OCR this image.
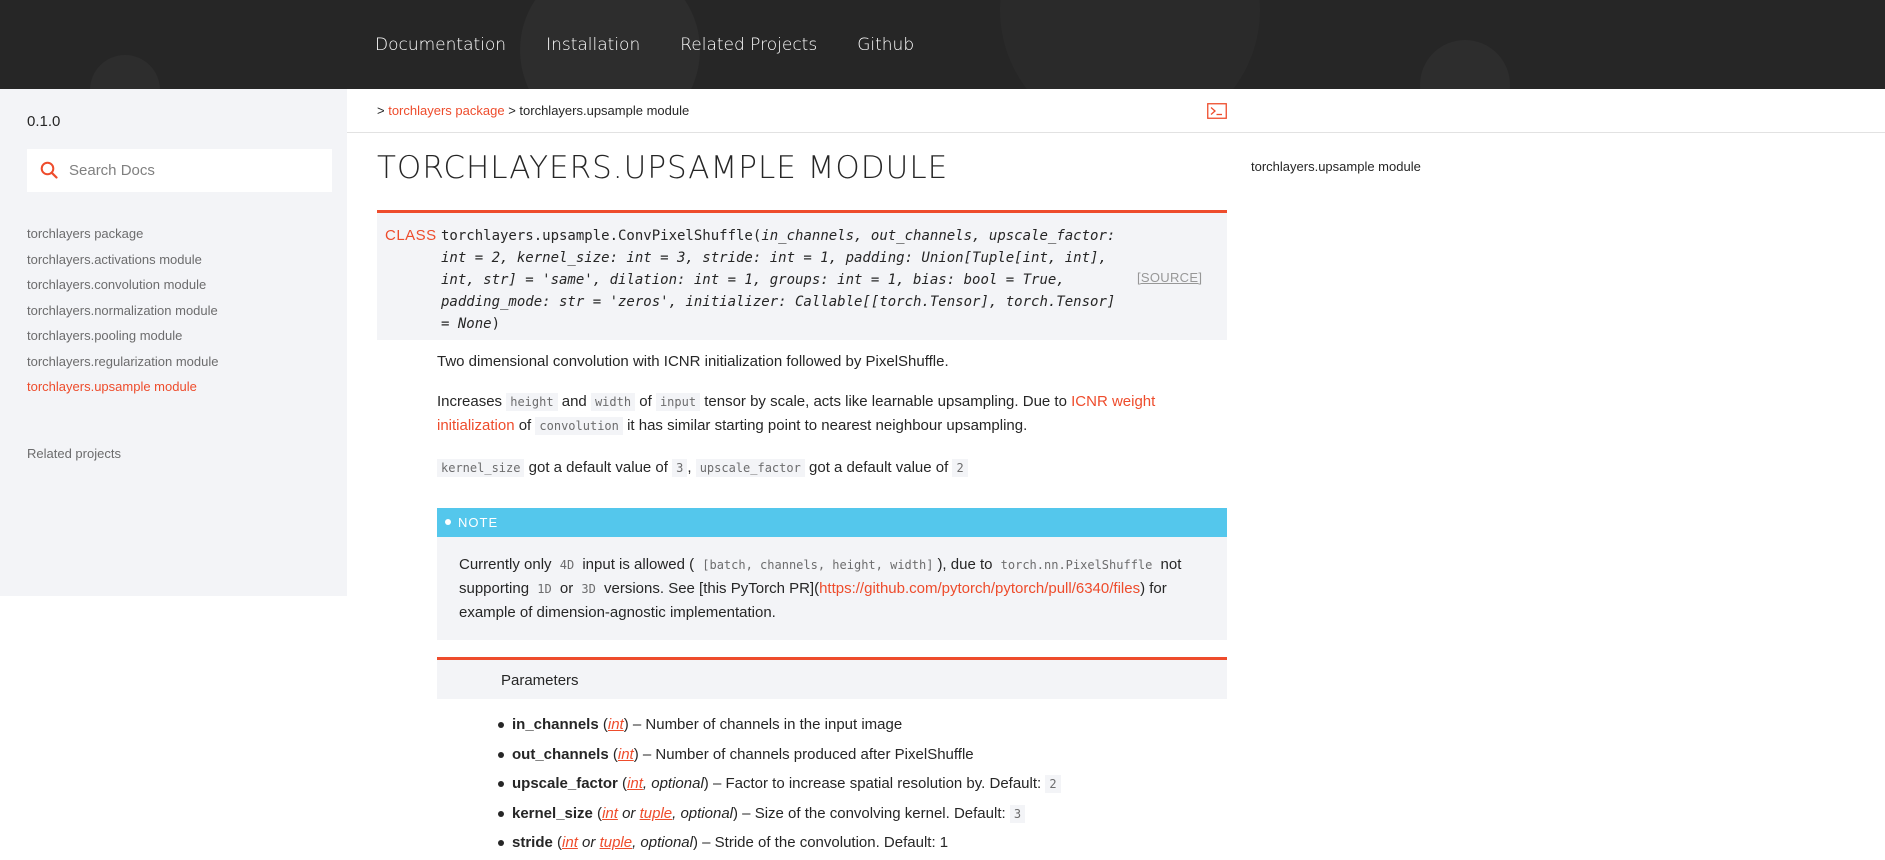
Documentation Installation Related Projects Github
0.1.0
Search Docs
torchlayers package
torchlayers.activations module
torchlayers.convolution module
torchlayers.normalization module
torchlayers.pooling module
torchlayers.regularization module
torchlayers.upsample module
Related projects
> torchlayers package > torchlayers.upsample module
torchlayers.upsample module
TORCHLAYERS.UPSAMPLE MODULE
CLASS torchlayers.upsample.ConvPixelShuffle(in_channels, out_channels, upscale_factor:
int = 2, kernel_size: int = 3, stride: int = 1, padding: Union[Tuple[int, int],
int, str] = 'same', dilation: int = 1, groups: int = 1, bias: bool = True,
padding_mode: str = 'zeros', initializer: Callable[[torch.Tensor], torch.Tensor]
= None)
[SOURCE]

Two dimensional convolution with ICNR initialization followed by PixelShuffle.

Increases height and width of input tensor by scale, acts like learnable upsampling. Due to ICNR weight initialization of convolution it has similar starting point to nearest neighbour upsampling.

kernel_size got a default value of 3 , upscale_factor got a default value of 2

NOTE
Currently only 4D input is allowed ( [batch, channels, height, width] ), due to torch.nn.PixelShuffle not supporting 1D or 3D versions. See [this PyTorch PR](https://github.com/pytorch/pytorch/pull/6340/files) for example of dimension-agnostic implementation.
Parameters
in_channels (int) – Number of channels in the input image
out_channels (int) – Number of channels produced after PixelShuffle
upscale_factor (int, optional) – Factor to increase spatial resolution by. Default: 2
kernel_size (int or tuple, optional) – Size of the convolving kernel. Default: 3
stride (int or tuple, optional) – Stride of the convolution. Default: 1
